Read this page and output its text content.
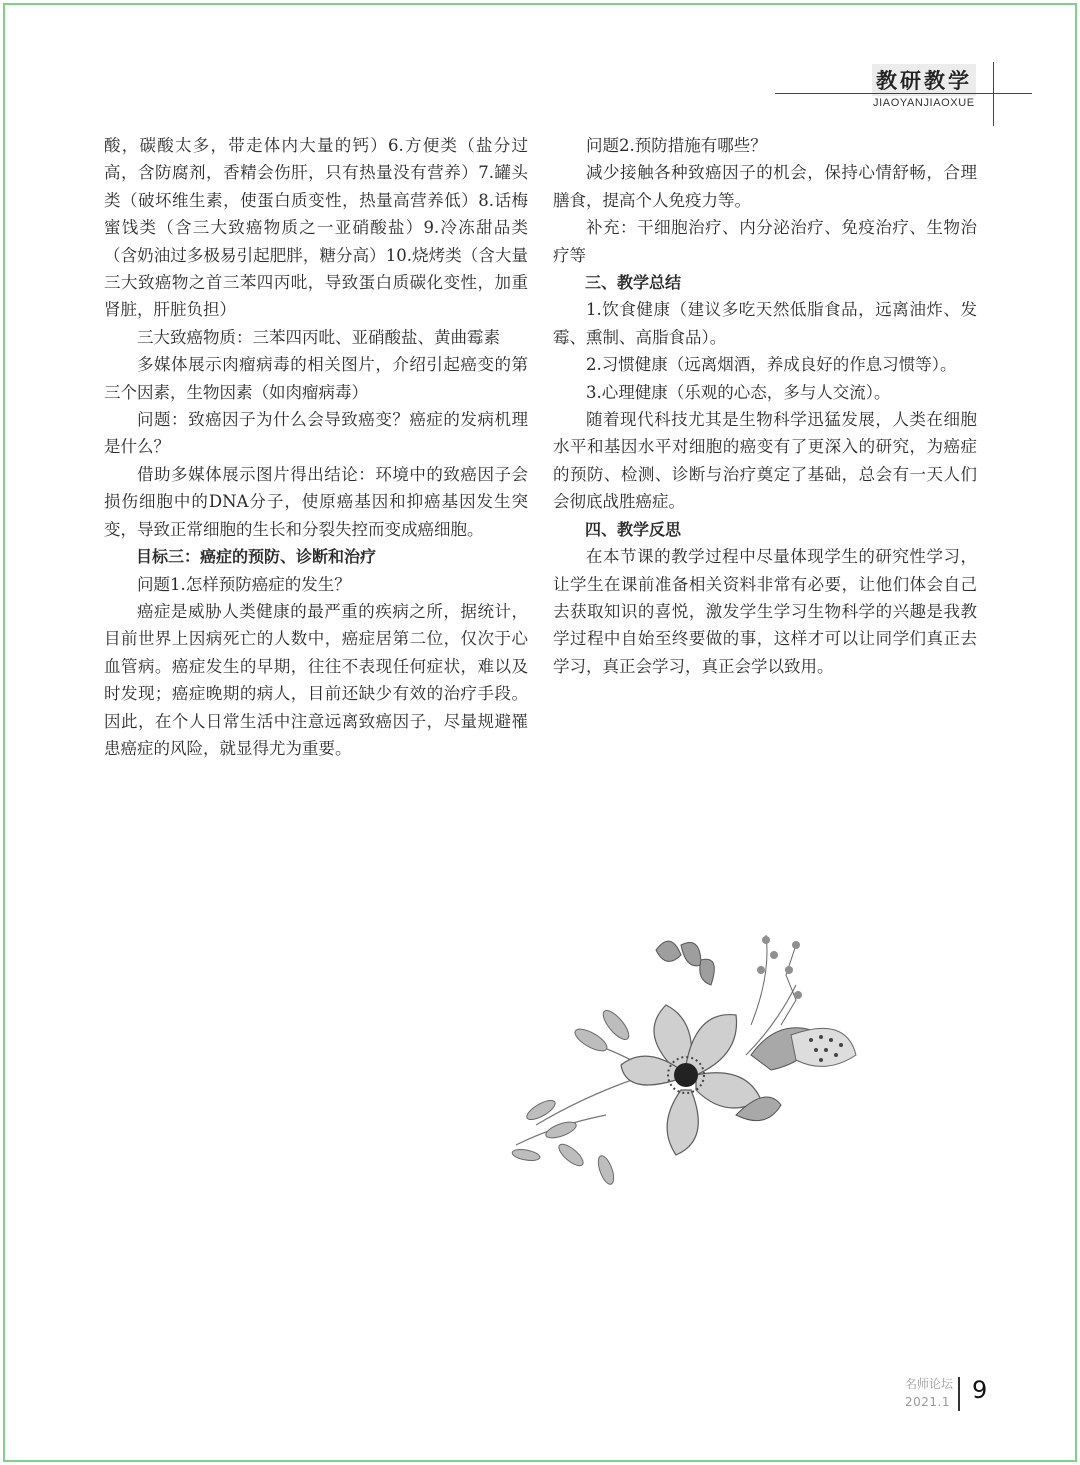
教研教学
JIAOYANJIAOXUE

酸，碳酸太多，带走体内大量的钙）6.方便类（盐分过高，含防腐剂，香精会伤肝，只有热量没有营养）7.罐头类（破坏维生素，使蛋白质变性，热量高营养低）8.话梅蜜饯类（含三大致癌物质之一亚硝酸盐）9.冷冻甜品类（含奶油过多极易引起肥胖，糖分高）10.烧烤类（含大量三大致癌物之首三苯四丙吡，导致蛋白质碳化变性，加重肾脏，肝脏负担）

三大致癌物质：三苯四丙吡、亚硝酸盐、黄曲霉素

多媒体展示肉瘤病毒的相关图片，介绍引起癌变的第三个因素，生物因素（如肉瘤病毒）

问题：致癌因子为什么会导致癌变？癌症的发病机理是什么？

借助多媒体展示图片得出结论：环境中的致癌因子会损伤细胞中的DNA分子，使原癌基因和抑癌基因发生突变，导致正常细胞的生长和分裂失控而变成癌细胞。

目标三：癌症的预防、诊断和治疗

问题1.怎样预防癌症的发生？

癌症是威胁人类健康的最严重的疾病之所，据统计，目前世界上因病死亡的人数中，癌症居第二位，仅次于心血管病。癌症发生的早期，往往不表现任何症状，难以及时发现；癌症晚期的病人，目前还缺少有效的治疗手段。因此，在个人日常生活中注意远离致癌因子，尽量规避罹患癌症的风险，就显得尤为重要。

问题2.预防措施有哪些？

减少接触各种致癌因子的机会，保持心情舒畅，合理膳食，提高个人免疫力等。

补充：干细胞治疗、内分泌治疗、免疫治疗、生物治疗等

三、教学总结

1.饮食健康（建议多吃天然低脂食品，远离油炸、发霉、熏制、高脂食品）。

2.习惯健康（远离烟酒，养成良好的作息习惯等）。

3.心理健康（乐观的心态，多与人交流）。

随着现代科技尤其是生物科学迅猛发展，人类在细胞水平和基因水平对细胞的癌变有了更深入的研究，为癌症的预防、检测、诊断与治疗奠定了基础，总会有一天人们会彻底战胜癌症。

四、教学反思

在本节课的教学过程中尽量体现学生的研究性学习，让学生在课前准备相关资料非常有必要，让他们体会自己去获取知识的喜悦，激发学生学习生物科学的兴趣是我教学过程中自始至终要做的事，这样才可以让同学们真正去学习，真正会学习，真正会学以致用。

名师论坛
2021.1 9
